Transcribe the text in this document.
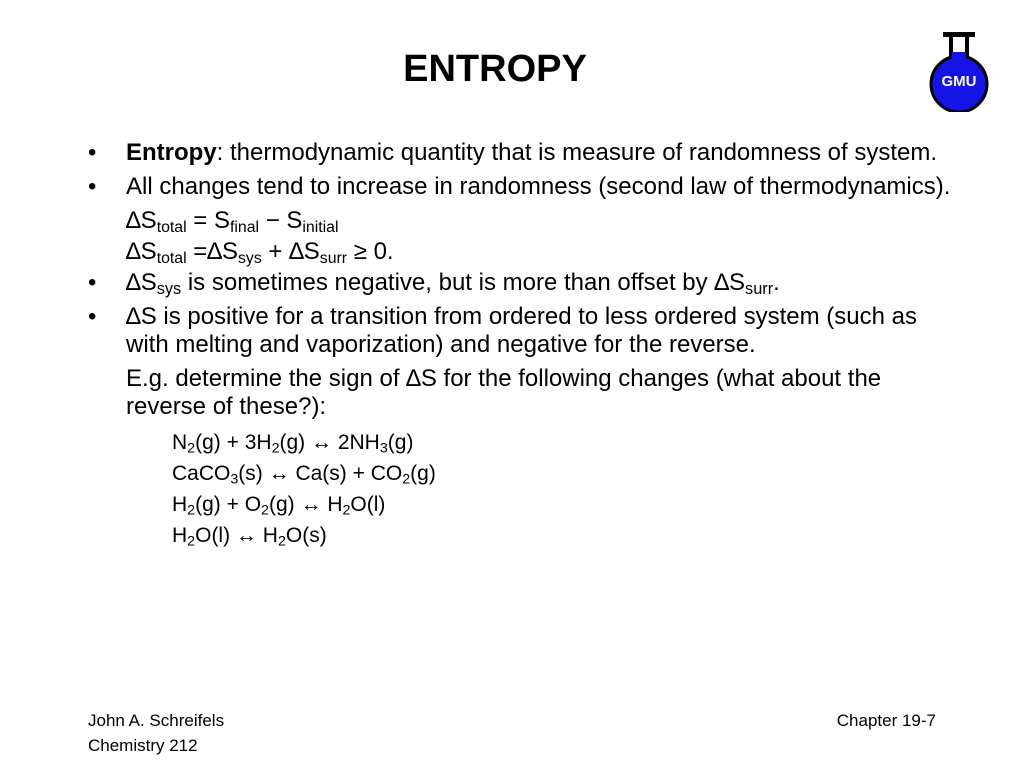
ENTROPY	GMU
• Entropy: thermodynamic quantity that is measure of randomness of system.
• All changes tend to increase in randomness (second law of thermodynamics).
$\Delta S_{total} = S_{final} - S_{initial}$
$\Delta S_{total} =\Delta S_{sys} + \Delta S_{surr} \ge 0$.
• $\Delta S_{sys}$ is sometimes negative, but is more than offset by $\Delta S_{surr}$.
• ∆S is positive for a transition from ordered to less ordered system (such as with melting and vaporization) and negative for the reverse.
E.g. determine the sign of ∆S for the following changes (what about the reverse of these?):
$N_2(g) + 3H_2(g)$ ↔ $2NH_3(g)$
CaCO$_3$(s) ↔ $Ca(s) + CO_2(g)$
$H_2(g) + O_2(g)$ ↔ $H_2O(l)$
$H_2O(l)$ ↔ $H_2O(s)$
John A. Schreifels
Chemistry 212
Chapter 19-7
